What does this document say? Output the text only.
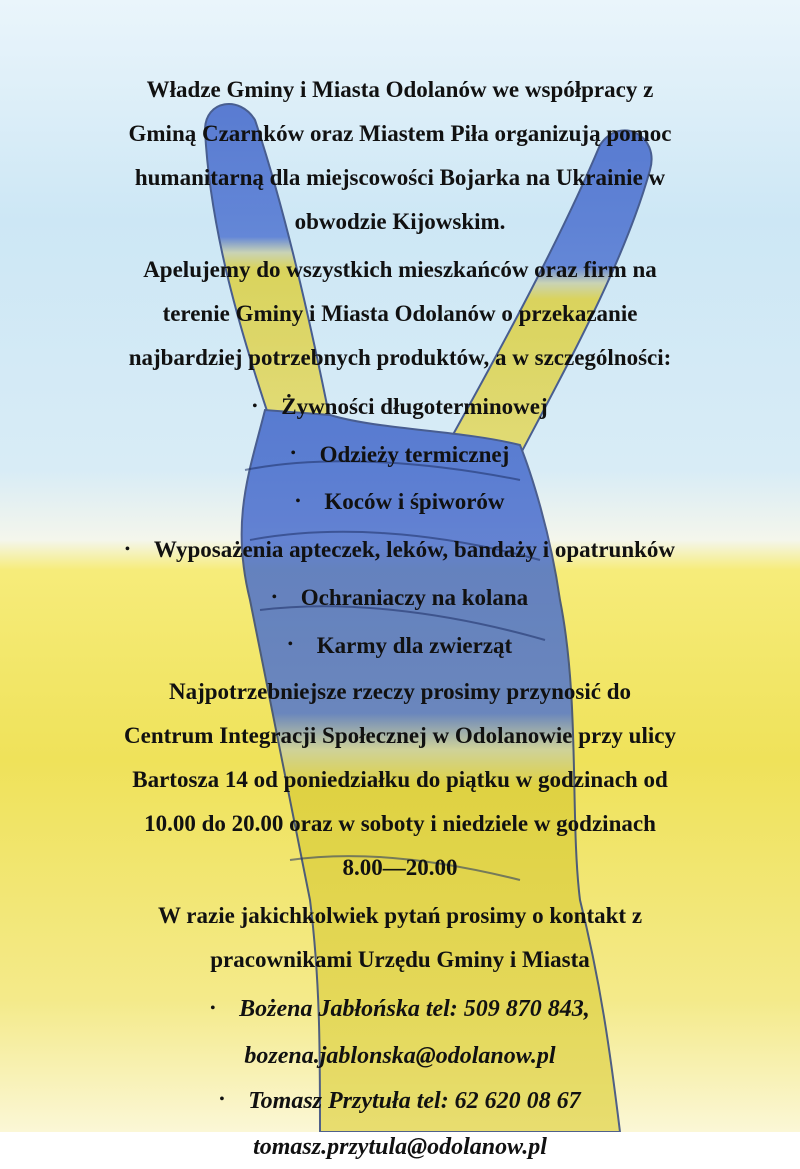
Władze Gminy i Miasta Odolanów we współpracy z
Gminą Czarnków oraz Miastem Piła organizują pomoc
humanitarną dla miejscowości Bojarka na Ukrainie w
obwodzie Kijowskim.

Apelujemy do wszystkich mieszkańców oraz firm na
terenie Gminy i Miasta Odolanów o przekazanie
najbardziej potrzebnych produktów, a w szczególności:

• Żywności długoterminowej
• Odzieży termicznej
• Koców i śpiworów
• Wyposażenia apteczek, leków, bandaży i opatrunków
• Ochraniaczy na kolana
• Karmy dla zwierząt

Najpotrzebniejsze rzeczy prosimy przynosić do
Centrum Integracji Społecznej w Odolanowie przy ulicy
Bartosza 14 od poniedziałku do piątku w godzinach od
10.00 do 20.00 oraz w soboty i niedziele w godzinach
8.00—20.00

W razie jakichkolwiek pytań prosimy o kontakt z
pracownikami Urzędu Gminy i Miasta

• Bożena Jabłońska tel: 509 870 843,
bozena.jablonska@odolanow.pl
• Tomasz Przytuła tel: 62 620 08 67
tomasz.przytula@odolanow.pl
